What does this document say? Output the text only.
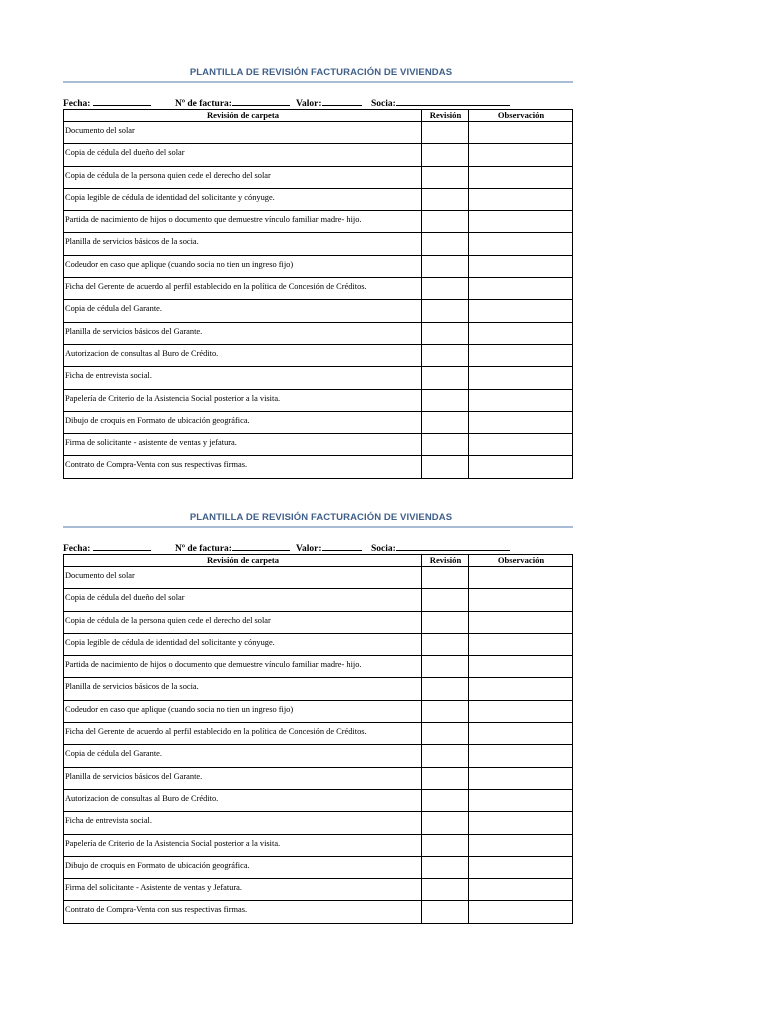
PLANTILLA DE REVISIÓN FACTURACIÓN DE VIVIENDAS
Fecha:	Nº de factura:	Valor:	Socia:
Revisión de carpeta	Revisión	Observación
Documento del solar		
Copia de cédula del dueño del solar		
Copia de cédula de la persona quien cede el derecho del solar		
Copia legible de cédula de identidad del solicitante y cónyuge.		
Partida de nacimiento de hijos o documento que demuestre vínculo familiar madre- hijo.		
Planilla de servicios básicos de la socia.		
Codeudor en caso que aplique (cuando socia no tien un ingreso fijo)		
Ficha del Gerente de acuerdo al perfil establecido en la política de Concesión de Créditos.		
Copia de cédula del Garante.		
Planilla de servicios básicos del Garante.		
Autorizacion de consultas al Buro de Crédito.		
Ficha de entrevista social.		
Papelería de Criterio de la Asistencia Social posterior a la visita.		
Dibujo de croquis en Formato de ubicación geográfica.		
Firma de solicitante - asistente de ventas y jefatura.		
Contrato de Compra-Venta con sus respectivas firmas.		
PLANTILLA DE REVISIÓN FACTURACIÓN DE VIVIENDAS
Fecha:	Nº de factura:	Valor:	Socia:
Revisión de carpeta	Revisión	Observación
Documento del solar		
Copia de cédula del dueño del solar		
Copia de cédula de la persona quien cede el derecho del solar		
Copia legible de cédula de identidad del solicitante y cónyuge.		
Partida de nacimiento de hijos o documento que demuestre vínculo familiar madre- hijo.		
Planilla de servicios básicos de la socia.		
Codeudor en caso que aplique (cuando socia no tien un ingreso fijo)		
Ficha del Gerente de acuerdo al perfil establecido en la política de Concesión de Créditos.		
Copia de cédula del Garante.		
Planilla de servicios básicos del Garante.		
Autorizacion de consultas al Buro de Crédito.		
Ficha de entrevista social.		
Papelería de Criterio de la Asistencia Social posterior a la visita.		
Dibujo de croquis en Formato de ubicación geográfica.		
Firma del solicitante - Asistente de ventas y Jefatura.		
Contrato de Compra-Venta con sus respectivas firmas.		
